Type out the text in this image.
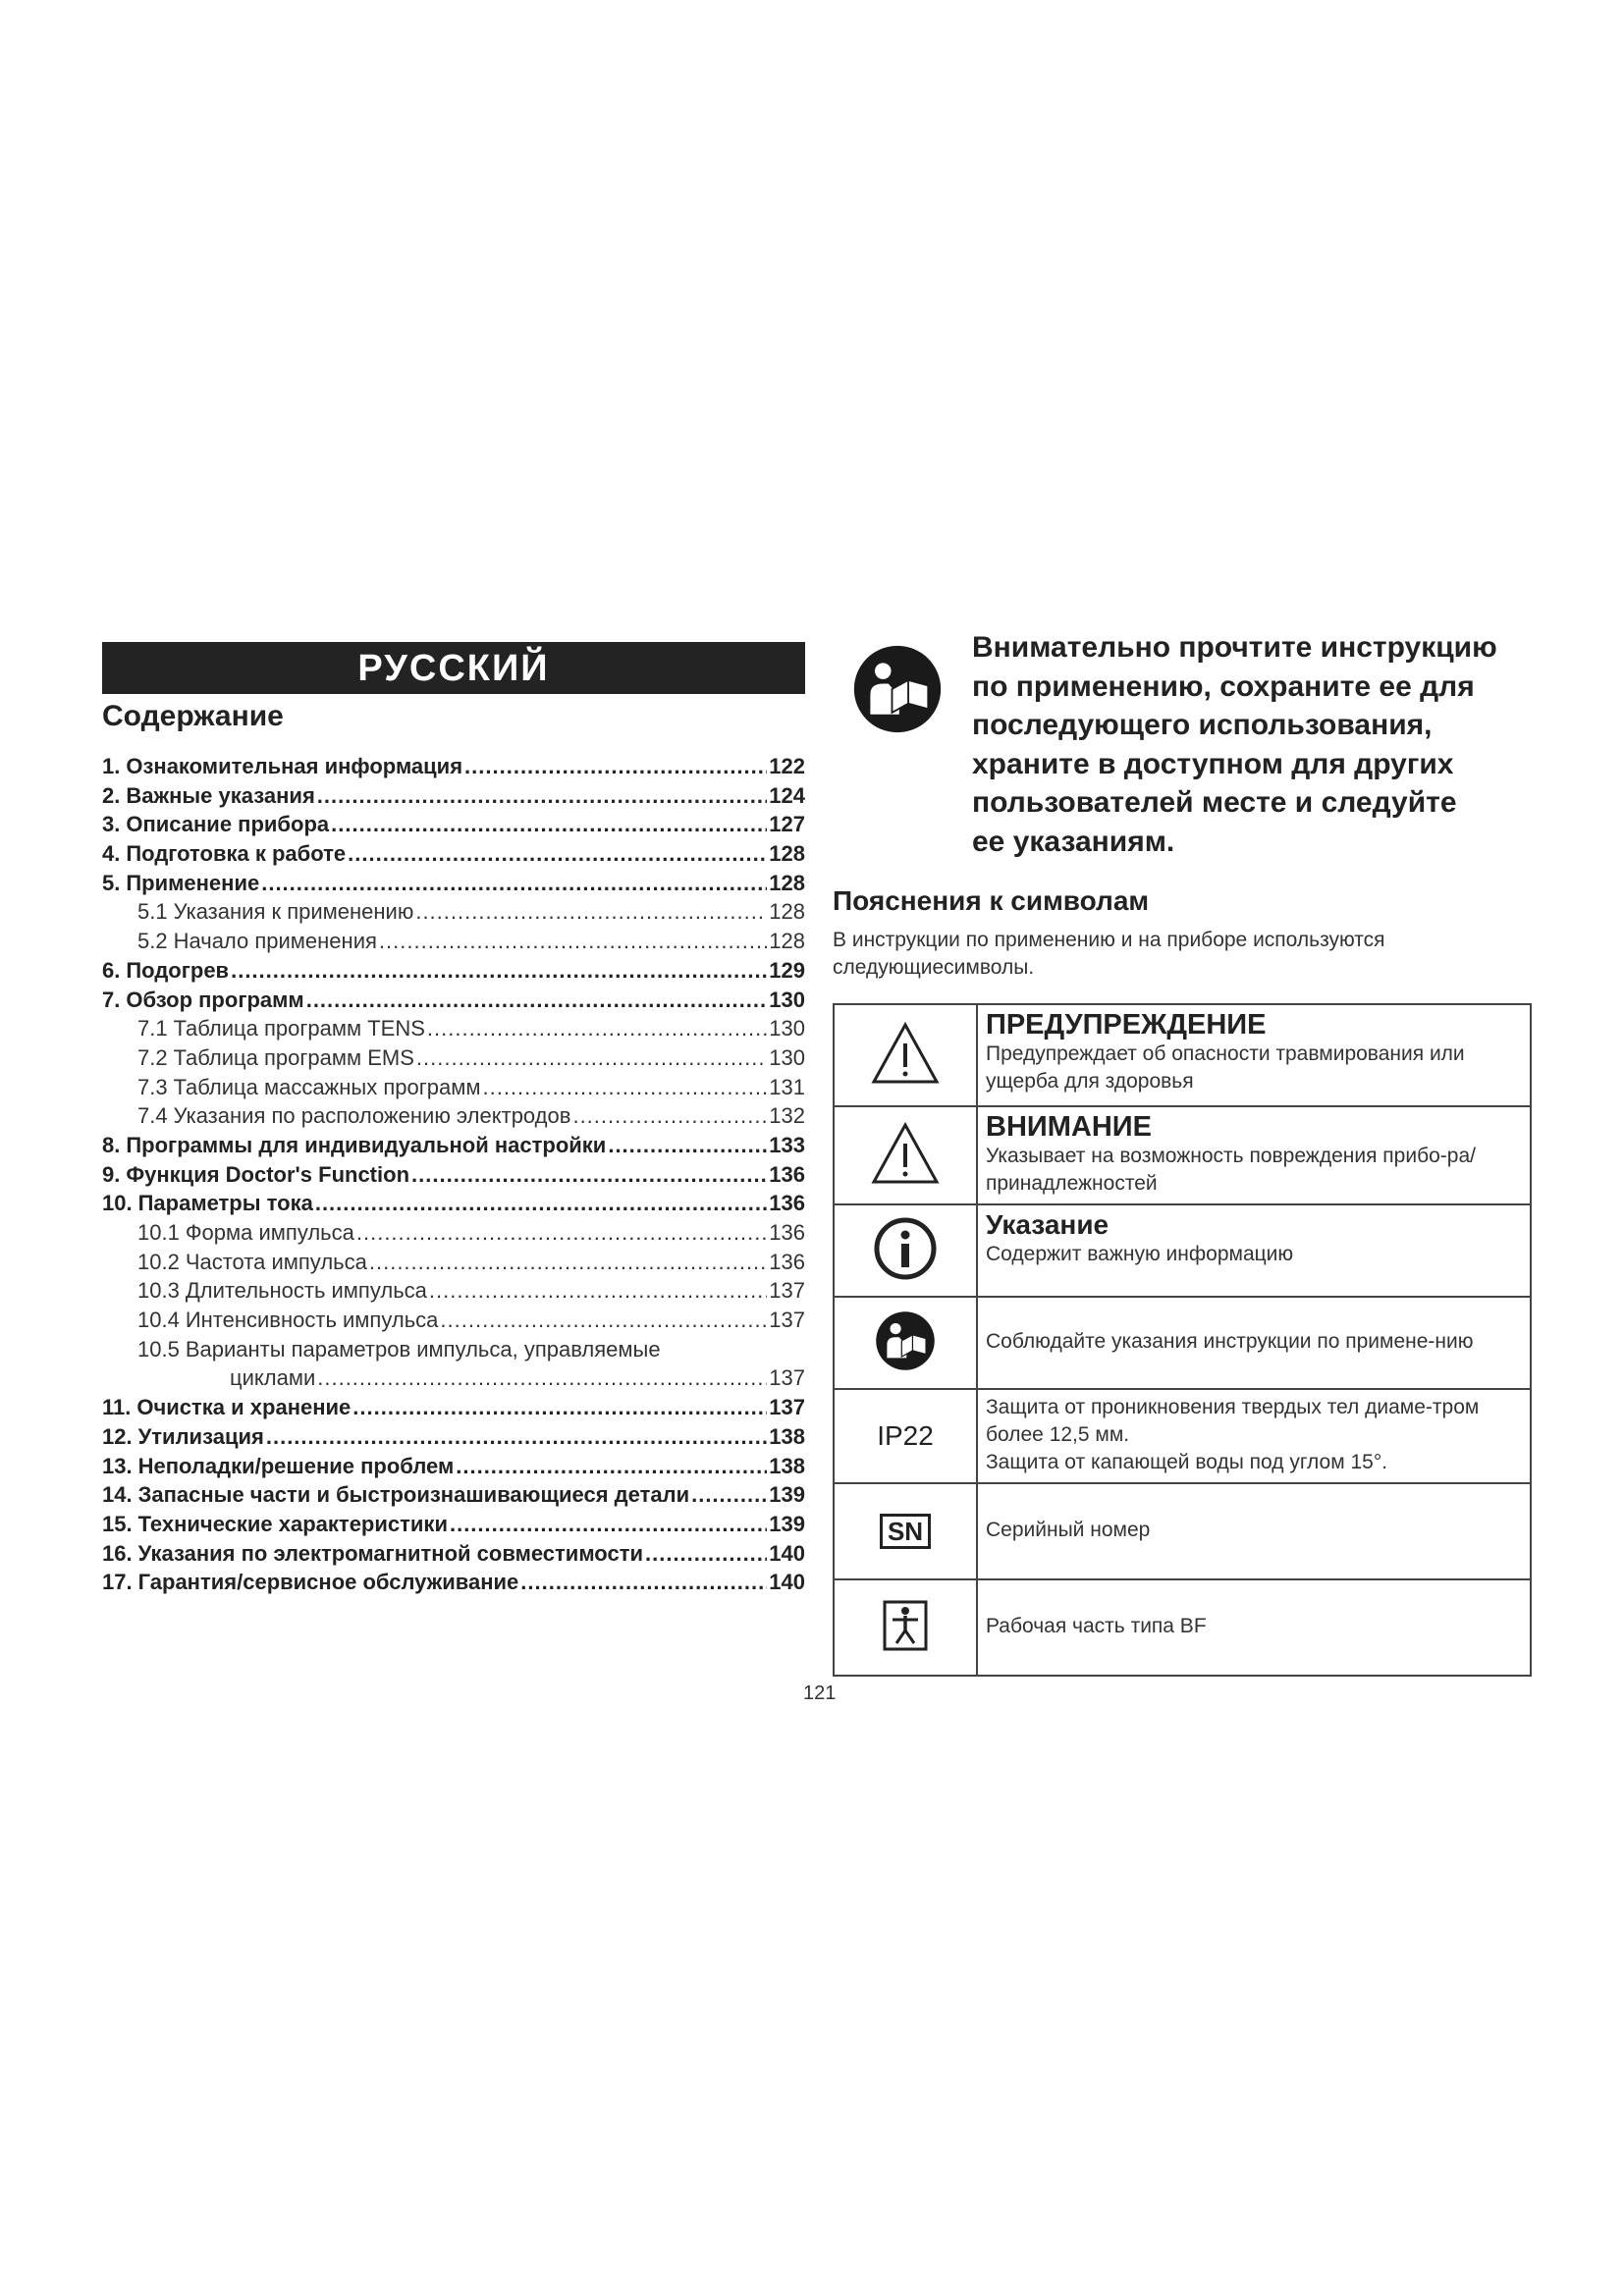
РУССКИЙ
Содержание
1. Ознакомительная информация .....	122
2. Важные указания .....	124
3. Описание прибора .....	127
4. Подготовка к работе .....	128
5. Применение .....	128
5.1 Указания к применению .....	128
5.2 Начало применения .....	128
6. Подогрев .....	129
7. Обзор программ .....	130
7.1 Таблица программ TENS .....	130
7.2 Таблица программ EMS .....	130
7.3 Таблица массажных программ .....	131
7.4 Указания по расположению электродов .....	132
8. Программы для индивидуальной настройки .....	133
9. Функция Doctor's Function .....	136
10. Параметры тока .....	136
10.1 Форма импульса .....	136
10.2 Частота импульса .....	136
10.3 Длительность импульса .....	137
10.4 Интенсивность импульса .....	137
10.5 Варианты параметров импульса, управляемые
циклами .....	137
11. Очистка и хранение .....	137
12. Утилизация .....	138
13. Неполадки/решение проблем .....	138
14. Запасные части и быстроизнашивающиеся детали .....	139
15. Технические характеристики .....	139
16. Указания по электромагнитной совместимости .....	140
17. Гарантия/сервисное обслуживание .....	140
Внимательно прочтите инструкцию
по применению, сохраните ее для
последующего использования,
храните в доступном для других
пользователей месте и следуйте
ее указаниям.
Пояснения к символам
В инструкции по применению и на приборе используются следующиесимволы.

ПРЕДУПРЕЖДЕНИЕ
Предупреждает об опасности травмирования или ущерба для здоровья

ВНИМАНИЕ
Указывает на возможность повреждения прибо-ра/принадлежностей

Указание
Содержит важную информацию

Соблюдайте указания инструкции по примене-нию

IP22	Защита от проникновения твердых тел диаме-тром более 12,5 мм.
Защита от капающей воды под углом 15°.

SN	Серийный номер

Рабочая часть типа BF
121
